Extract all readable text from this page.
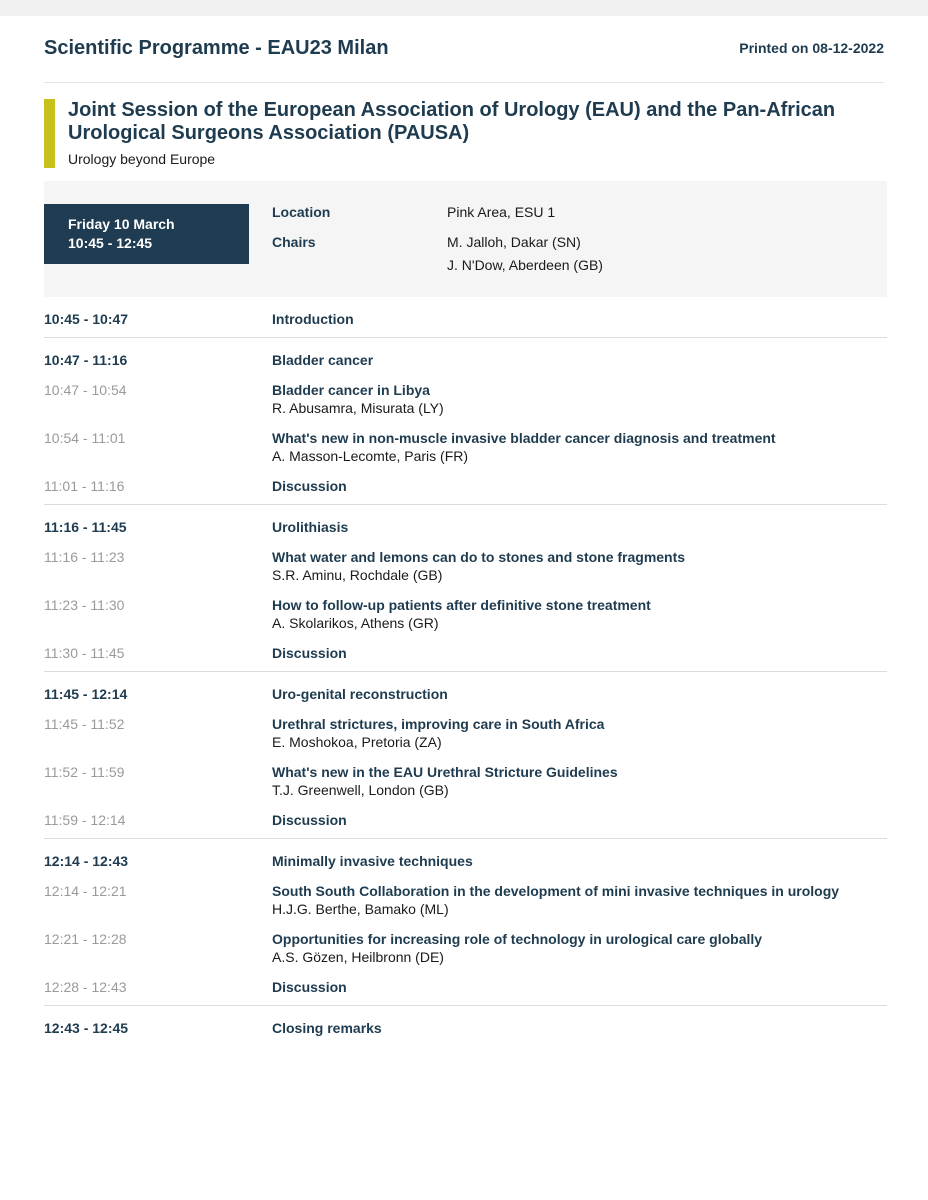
Scientific Programme - EAU23 Milan	Printed on 08-12-2022
Joint Session of the European Association of Urology (EAU) and the Pan-African Urological Surgeons Association (PAUSA)
Urology beyond Europe
Friday 10 March
10:45 - 12:45
Location	Pink Area, ESU 1
Chairs	M. Jalloh, Dakar (SN)
J. N'Dow, Aberdeen (GB)
10:45 - 10:47	Introduction
10:47 - 11:16	Bladder cancer
10:47 - 10:54	Bladder cancer in Libya
R. Abusamra, Misurata (LY)
10:54 - 11:01	What's new in non-muscle invasive bladder cancer diagnosis and treatment
A. Masson-Lecomte, Paris (FR)
11:01 - 11:16	Discussion
11:16 - 11:45	Urolithiasis
11:16 - 11:23	What water and lemons can do to stones and stone fragments
S.R. Aminu, Rochdale (GB)
11:23 - 11:30	How to follow-up patients after definitive stone treatment
A. Skolarikos, Athens (GR)
11:30 - 11:45	Discussion
11:45 - 12:14	Uro-genital reconstruction
11:45 - 11:52	Urethral strictures, improving care in South Africa
E. Moshokoa, Pretoria (ZA)
11:52 - 11:59	What's new in the EAU Urethral Stricture Guidelines
T.J. Greenwell, London (GB)
11:59 - 12:14	Discussion
12:14 - 12:43	Minimally invasive techniques
12:14 - 12:21	South South Collaboration in the development of mini invasive techniques in urology
H.J.G. Berthe, Bamako (ML)
12:21 - 12:28	Opportunities for increasing role of technology in urological care globally
A.S. Gözen, Heilbronn (DE)
12:28 - 12:43	Discussion
12:43 - 12:45	Closing remarks
